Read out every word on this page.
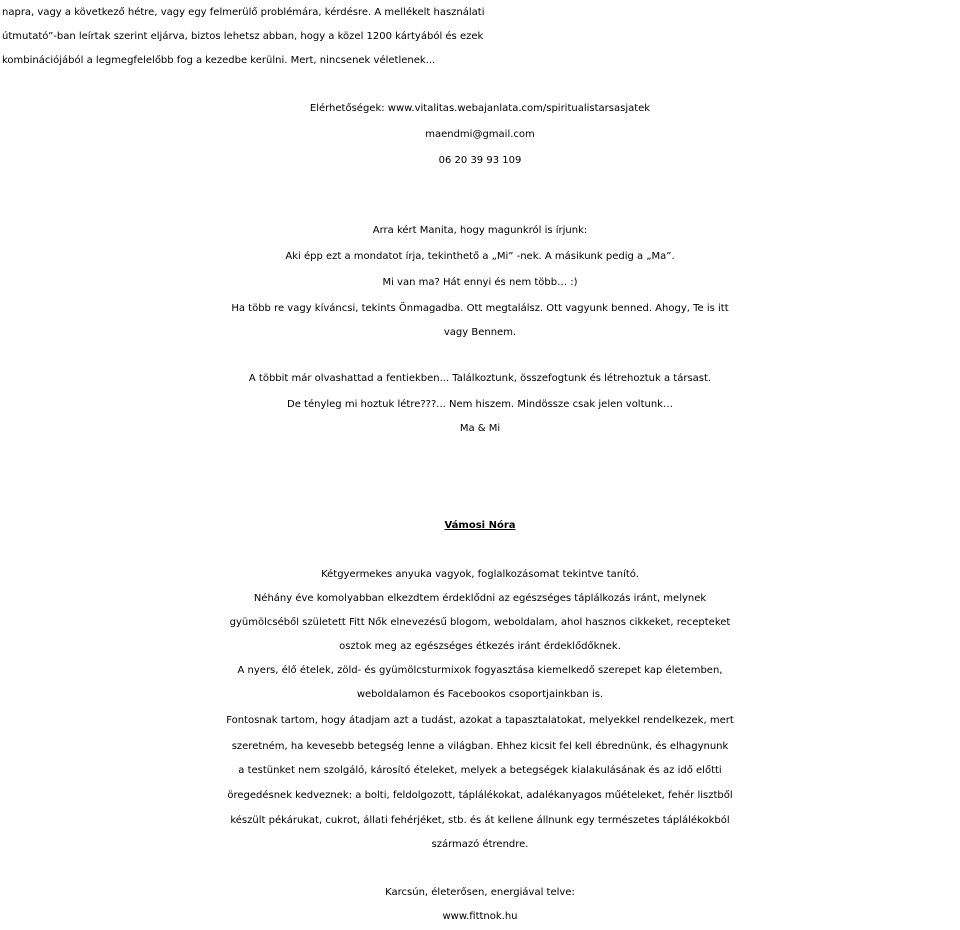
napra, vagy a következő hétre, vagy egy felmerülő problémára, kérdésre. A mellékelt használati
útmutató”-ban leírtak szerint eljárva, biztos lehetsz abban, hogy a közel 1200 kártyából és ezek
kombinációjából a legmegfelelőbb fog a kezedbe kerülni. Mert, nincsenek véletlenek...
Elérhetőségek: www.vitalitas.webajanlata.com/spiritualistarsasjatek
maendmi@gmail.com
06 20 39 93 109
Arra kért Manita, hogy magunkról is írjunk:
Aki épp ezt a mondatot írja, tekinthető a „Mi” -nek. A másikunk pedig a „Ma”.
Mi van ma? Hát ennyi és nem több… :)
Ha több re vagy kíváncsi, tekints Önmagadba. Ott megtalálsz. Ott vagyunk benned. Ahogy, Te is itt
vagy Bennem.
A többit már olvashattad a fentiekben... Találkoztunk, összefogtunk és létrehoztuk a társast.
De tényleg mi hoztuk létre???... Nem hiszem. Mindössze csak jelen voltunk…
Ma & Mi
Vámosi Nóra
Kétgyermekes anyuka vagyok, foglalkozásomat tekintve tanító.
Néhány éve komolyabban elkezdtem érdeklődni az egészséges táplálkozás iránt, melynek
gyümölcséből született Fitt Nők elnevezésű blogom, weboldalam, ahol hasznos cikkeket, recepteket
osztok meg az egészséges étkezés iránt érdeklődőknek.
A nyers, élő ételek, zöld- és gyümölcsturmixok fogyasztása kiemelkedő szerepet kap életemben,
weboldalamon és Facebookos csoportjainkban is.
Fontosnak tartom, hogy átadjam azt a tudást, azokat a tapasztalatokat, melyekkel rendelkezek, mert
szeretném, ha kevesebb betegség lenne a világban. Ehhez kicsit fel kell ébrednünk, és elhagynunk
a testünket nem szolgáló, károsító ételeket, melyek a betegségek kialakulásának és az idő előtti
öregedésnek kedveznek: a bolti, feldolgozott, táplálékokat, adalékanyagos műételeket, fehér lisztből
készült pékárukat, cukrot, állati fehérjéket, stb. és át kellene állnunk egy természetes táplálékokból
származó étrendre.
Karcsún, életerősen, energiával telve:
www.fittnok.hu
